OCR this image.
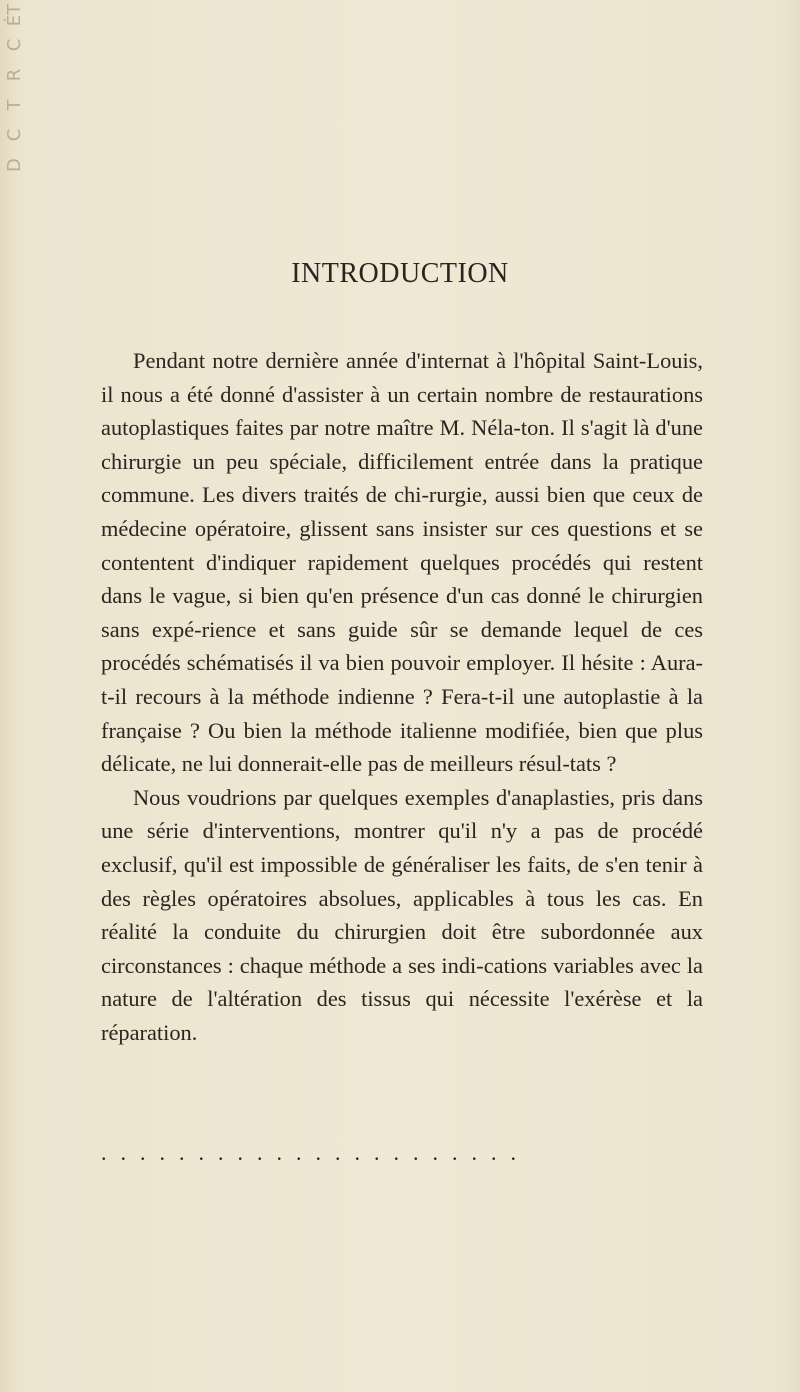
ÉT
C
R
T
C
D
INTRODUCTION

Pendant notre dernière année d'internat à l'hôpital Saint-Louis, il nous a été donné d'assister à un certain nombre de restaurations autoplastiques faites par notre maître M. Néla-ton. Il s'agit là d'une chirurgie un peu spéciale, difficilement entrée dans la pratique commune. Les divers traités de chi-rurgie, aussi bien que ceux de médecine opératoire, glissent sans insister sur ces questions et se contentent d'indiquer rapidement quelques procédés qui restent dans le vague, si bien qu'en présence d'un cas donné le chirurgien sans expé-rience et sans guide sûr se demande lequel de ces procédés schématisés il va bien pouvoir employer. Il hésite : Aura-t-il recours à la méthode indienne ? Fera-t-il une autoplastie à la française ? Ou bien la méthode italienne modifiée, bien que plus délicate, ne lui donnerait-elle pas de meilleurs résul-tats ?

Nous voudrions par quelques exemples d'anaplasties, pris dans une série d'interventions, montrer qu'il n'y a pas de procédé exclusif, qu'il est impossible de généraliser les faits, de s'en tenir à des règles opératoires absolues, applicables à tous les cas. En réalité la conduite du chirurgien doit être subordonnée aux circonstances : chaque méthode a ses indi-cations variables avec la nature de l'altération des tissus qui nécessite l'exérèse et la réparation.

......................
